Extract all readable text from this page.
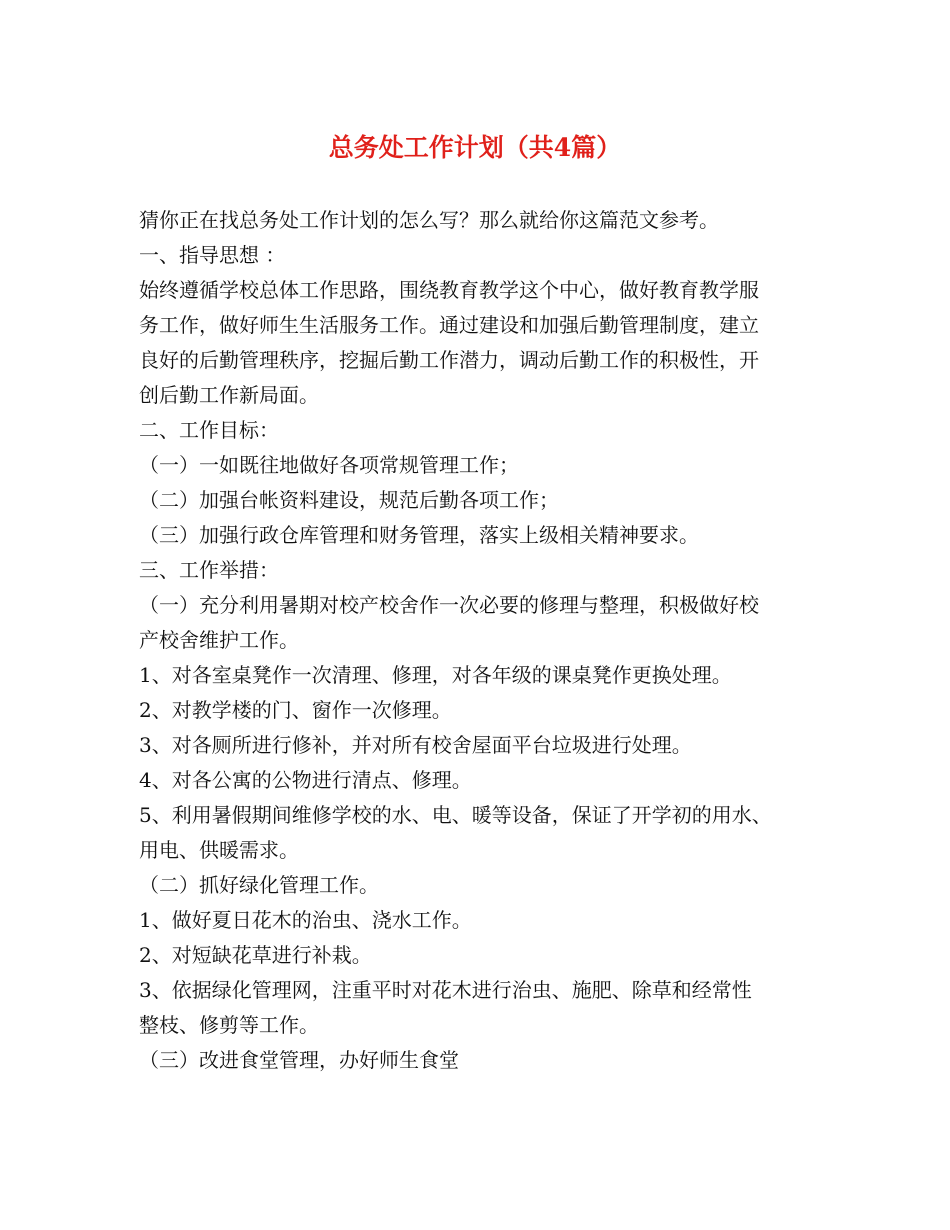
总务处工作计划（共4篇）

猜你正在找总务处工作计划的怎么写？那么就给你这篇范文参考。

一、指导思想 ：

始终遵循学校总体工作思路，围绕教育教学这个中心，做好教育教学服

务工作，做好师生生活服务工作。通过建设和加强后勤管理制度，建立

良好的后勤管理秩序，挖掘后勤工作潜力，调动后勤工作的积极性，开

创后勤工作新局面。

二、工作目标：

（一）一如既往地做好各项常规管理工作；

（二）加强台帐资料建设，规范后勤各项工作；

（三）加强行政仓库管理和财务管理，落实上级相关精神要求。

三、工作举措：

（一）充分利用暑期对校产校舍作一次必要的修理与整理，积极做好校

产校舍维护工作。

1、对各室桌凳作一次清理、修理，对各年级的课桌凳作更换处理。

2、对教学楼的门、窗作一次修理。

3、对各厕所进行修补，并对所有校舍屋面平台垃圾进行处理。

4、对各公寓的公物进行清点、修理。

5、利用暑假期间维修学校的水、电、暖等设备，保证了开学初的用水、

用电、供暖需求。

（二）抓好绿化管理工作。

1、做好夏日花木的治虫、浇水工作。

2、对短缺花草进行补栽。

3、依据绿化管理网，注重平时对花木进行治虫、施肥、除草和经常性

整枝、修剪等工作。

（三）改进食堂管理，办好师生食堂
